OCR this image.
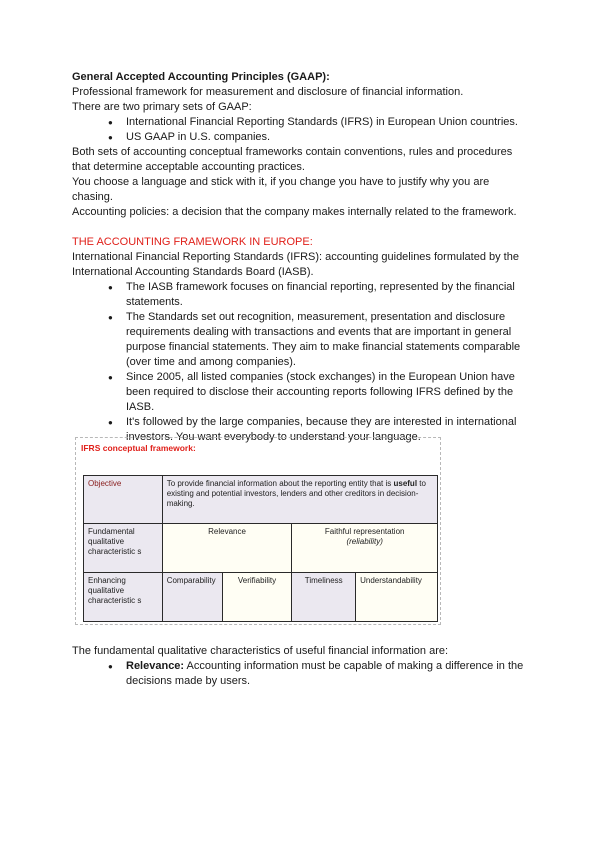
General Accepted Accounting Principles (GAAP):

Professional framework for measurement and disclosure of financial information.

There are two primary sets of GAAP:

● International Financial Reporting Standards (IFRS) in European Union countries.
● US GAAP in U.S. companies.

Both sets of accounting conceptual frameworks contain conventions, rules and procedures that determine acceptable accounting practices.

You choose a language and stick with it, if you change you have to justify why you are chasing.

Accounting policies: a decision that the company makes internally related to the framework.

THE ACCOUNTING FRAMEWORK IN EUROPE:

International Financial Reporting Standards (IFRS): accounting guidelines formulated by the International Accounting Standards Board (IASB).

● The IASB framework focuses on financial reporting, represented by the financial statements.
● The Standards set out recognition, measurement, presentation and disclosure requirements dealing with transactions and events that are important in general purpose financial statements. They aim to make financial statements comparable (over time and among companies).
● Since 2005, all listed companies (stock exchanges) in the European Union have been required to disclose their accounting reports following IFRS defined by the IASB.
● It's followed by the large companies, because they are interested in international investors. You want everybody to understand your language.
IFRS conceptual framework:
Objective	To provide financial information about the reporting entity that is useful to existing and potential investors, lenders and other creditors in decision-making.			
Fundamental qualitative characteristic s	Relevance		Faithful representation
(reliability)	

Enhancing qualitative characteristic s	Comparability	Verifiability	Timeliness	Understandability

The fundamental qualitative characteristics of useful financial information are:

● Relevance: Accounting information must be capable of making a difference in the decisions made by users.
